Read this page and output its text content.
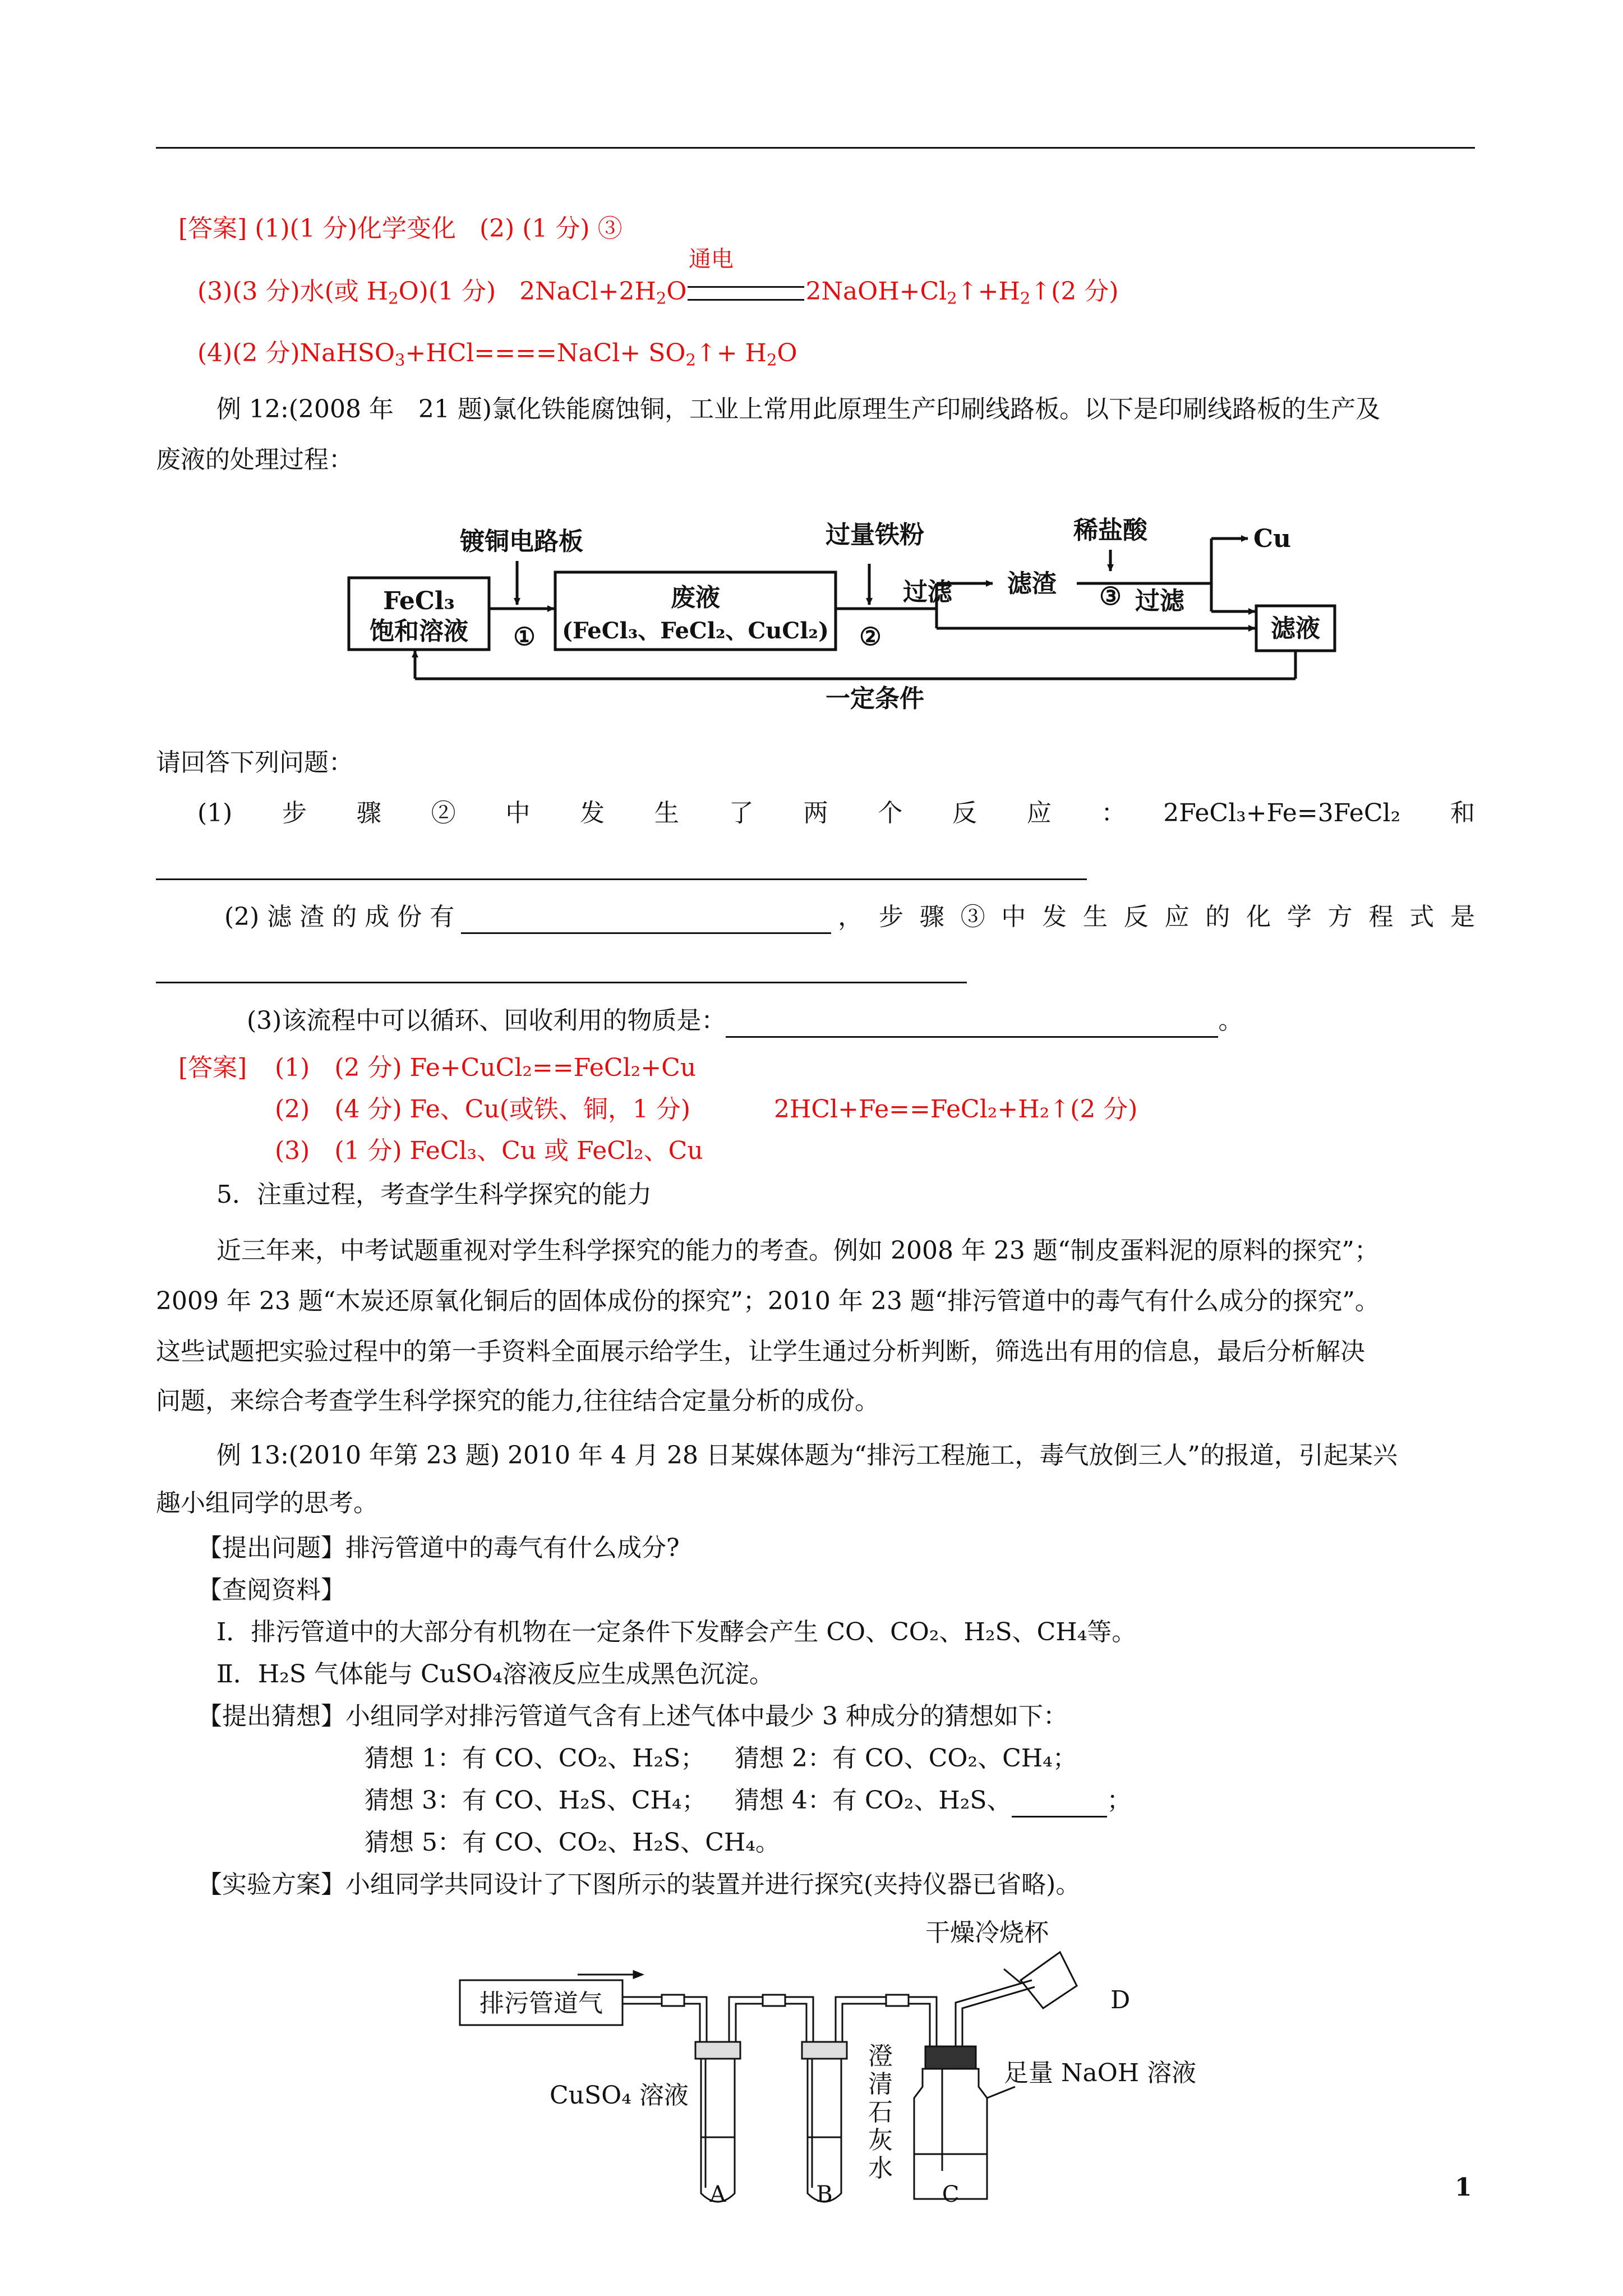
[答案] (1)(1 分)化学变化 (2) (1 分) ③
通电
(3)(3 分)水(或 $H_2O)(1$ 分) $2NaCl+2H_2O$	$2NaOH+Cl_2↑+H_2↑(2$ 分)
(4)(2 分)NaHSO$_3$+HCl====NaCl+ $SO_2↑+ H_2O$
例 12:(2008 年　21 题)氯化铁能腐蚀铜，工业上常用此原理生产印刷线路板。以下是印刷线路板的生产及
废液的处理过程：
FeCl₃
饱和溶液
镀铜电路板
①
废液
(FeCl₃、FeCl₂、CuCl₂) ②
过量铁粉
过滤 滤渣 ③
稀盐酸
过滤
Cu
滤液
一定条件
请回答下列问题：
(1)　步　骤　②　中　发　生　了　两　个　反　应　：　2FeCl₃+Fe=3FeCl₂　和
(2) 滤 渣 的 成 份 有	， 步 骤 ③ 中 发 生 反 应 的 化 学 方 程 式 是
(3)该流程中可以循环、回收利用的物质是：	。
[答案] (1)　(2 分) Fe+CuCl₂==FeCl₂+Cu
(2)　(4 分) Fe、Cu(或铁、铜，1 分)	2HCl+Fe==FeCl₂+H₂↑(2 分)
(3)　(1 分) FeCl₃、Cu 或 FeCl₂、Cu
5．注重过程，考查学生科学探究的能力
近三年来，中考试题重视对学生科学探究的能力的考查。例如 2008 年 23 题“制皮蛋料泥的原料的探究”；
2009 年 23 题“木炭还原氧化铜后的固体成份的探究”；2010 年 23 题“排污管道中的毒气有什么成分的探究”。
这些试题把实验过程中的第一手资料全面展示给学生，让学生通过分析判断，筛选出有用的信息，最后分析解决
问题，来综合考查学生科学探究的能力,往往结合定量分析的成份。
例 13:(2010 年第 23 题) 2010 年 4 月 28 日某媒体题为“排污工程施工，毒气放倒三人”的报道，引起某兴
趣小组同学的思考。
【提出问题】排污管道中的毒气有什么成分?
【查阅资料】
Ⅰ．排污管道中的大部分有机物在一定条件下发酵会产生 CO、CO₂、H₂S、CH₄等。
Ⅱ．H₂S 气体能与 CuSO₄溶液反应生成黑色沉淀。
【提出猜想】小组同学对排污管道气含有上述气体中最少 3 种成分的猜想如下：
猜想 1：有 CO、CO₂、H₂S； 猜想 2：有 CO、CO₂、CH₄；
猜想 3：有 CO、H₂S、CH₄； 猜想 4：有 CO₂、H₂S、	；
猜想 5：有 CO、CO₂、H₂S、CH₄。
【实验方案】小组同学共同设计了下图所示的装置并进行探究(夹持仪器已省略)。
排污管道气
干燥冷烧杯
D
CuSO₄ 溶液
澄
清
石
灰
水
足量 NaOH 溶液
A	B	C	1
